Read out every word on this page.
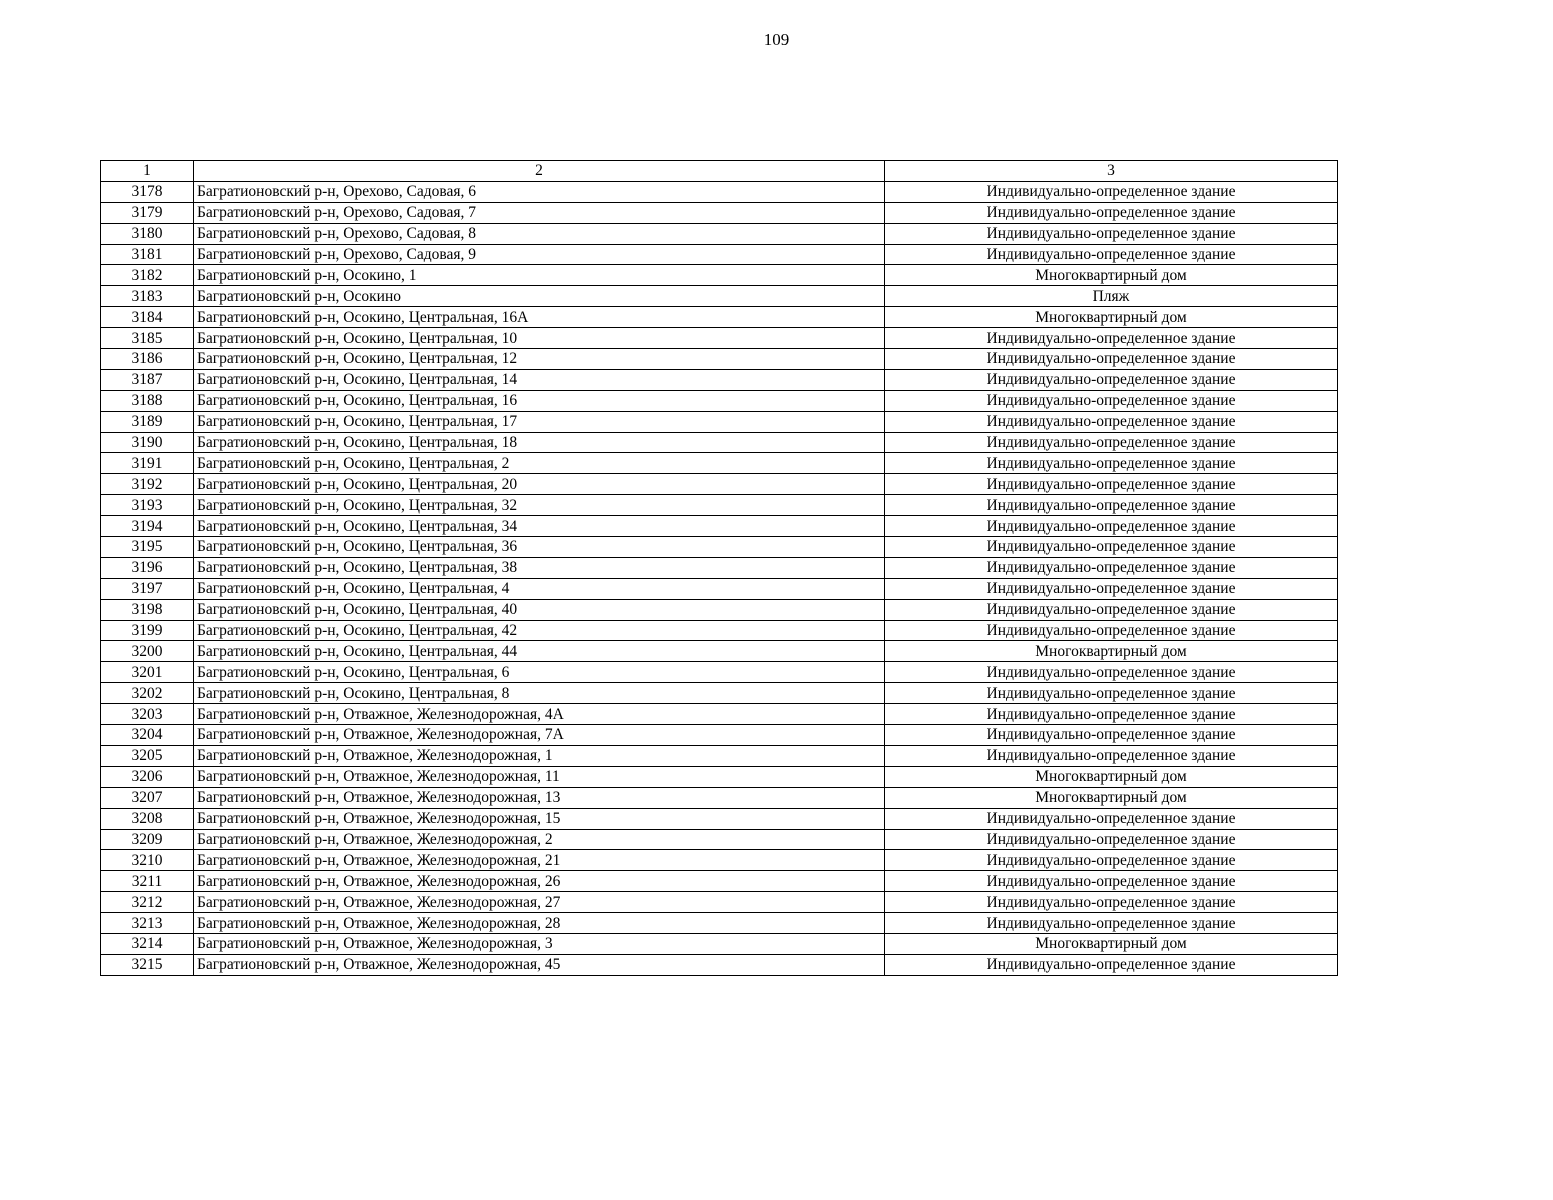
109
1	2	3
3178	Багратионовский р-н, Орехово, Садовая, 6	Индивидуально-определенное здание
3179	Багратионовский р-н, Орехово, Садовая, 7	Индивидуально-определенное здание
3180	Багратионовский р-н, Орехово, Садовая, 8	Индивидуально-определенное здание
3181	Багратионовский р-н, Орехово, Садовая, 9	Индивидуально-определенное здание
3182	Багратионовский р-н, Осокино, 1	Многоквартирный дом
3183	Багратионовский р-н, Осокино	Пляж
3184	Багратионовский р-н, Осокино, Центральная, 16А	Многоквартирный дом
3185	Багратионовский р-н, Осокино, Центральная, 10	Индивидуально-определенное здание
3186	Багратионовский р-н, Осокино, Центральная, 12	Индивидуально-определенное здание
3187	Багратионовский р-н, Осокино, Центральная, 14	Индивидуально-определенное здание
3188	Багратионовский р-н, Осокино, Центральная, 16	Индивидуально-определенное здание
3189	Багратионовский р-н, Осокино, Центральная, 17	Индивидуально-определенное здание
3190	Багратионовский р-н, Осокино, Центральная, 18	Индивидуально-определенное здание
3191	Багратионовский р-н, Осокино, Центральная, 2	Индивидуально-определенное здание
3192	Багратионовский р-н, Осокино, Центральная, 20	Индивидуально-определенное здание
3193	Багратионовский р-н, Осокино, Центральная, 32	Индивидуально-определенное здание
3194	Багратионовский р-н, Осокино, Центральная, 34	Индивидуально-определенное здание
3195	Багратионовский р-н, Осокино, Центральная, 36	Индивидуально-определенное здание
3196	Багратионовский р-н, Осокино, Центральная, 38	Индивидуально-определенное здание
3197	Багратионовский р-н, Осокино, Центральная, 4	Индивидуально-определенное здание
3198	Багратионовский р-н, Осокино, Центральная, 40	Индивидуально-определенное здание
3199	Багратионовский р-н, Осокино, Центральная, 42	Индивидуально-определенное здание
3200	Багратионовский р-н, Осокино, Центральная, 44	Многоквартирный дом
3201	Багратионовский р-н, Осокино, Центральная, 6	Индивидуально-определенное здание
3202	Багратионовский р-н, Осокино, Центральная, 8	Индивидуально-определенное здание
3203	Багратионовский р-н, Отважное, Железнодорожная, 4А	Индивидуально-определенное здание
3204	Багратионовский р-н, Отважное, Железнодорожная, 7А	Индивидуально-определенное здание
3205	Багратионовский р-н, Отважное, Железнодорожная, 1	Индивидуально-определенное здание
3206	Багратионовский р-н, Отважное, Железнодорожная, 11	Многоквартирный дом
3207	Багратионовский р-н, Отважное, Железнодорожная, 13	Многоквартирный дом
3208	Багратионовский р-н, Отважное, Железнодорожная, 15	Индивидуально-определенное здание
3209	Багратионовский р-н, Отважное, Железнодорожная, 2	Индивидуально-определенное здание
3210	Багратионовский р-н, Отважное, Железнодорожная, 21	Индивидуально-определенное здание
3211	Багратионовский р-н, Отважное, Железнодорожная, 26	Индивидуально-определенное здание
3212	Багратионовский р-н, Отважное, Железнодорожная, 27	Индивидуально-определенное здание
3213	Багратионовский р-н, Отважное, Железнодорожная, 28	Индивидуально-определенное здание
3214	Багратионовский р-н, Отважное, Железнодорожная, 3	Многоквартирный дом
3215	Багратионовский р-н, Отважное, Железнодорожная, 45	Индивидуально-определенное здание
